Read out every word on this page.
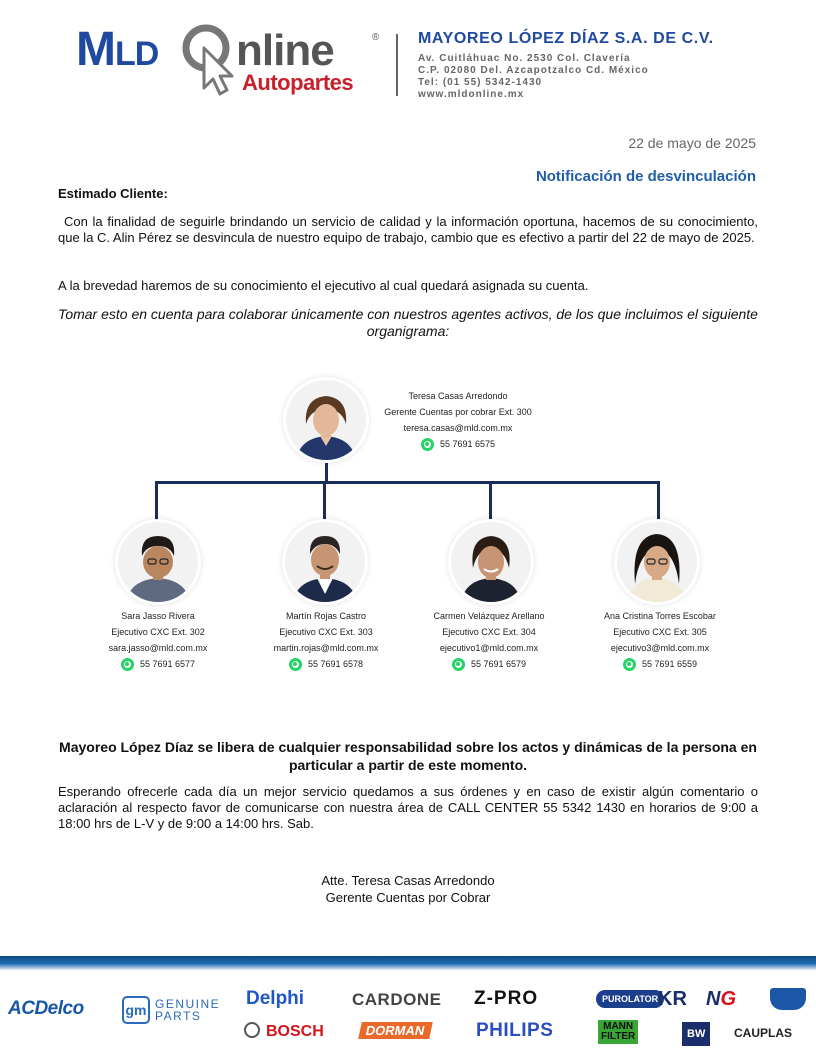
MLD nline	®
Autopartes
MAYOREO LÓPEZ DÍAZ S.A. DE C.V.
Av. Cuitláhuac No. 2530 Col. Clavería
C.P. 02080 Del. Azcapotzalco Cd. México
Tel: (01 55) 5342-1430
www.mldonline.mx
22 de mayo de 2025
Notificación de desvinculación
Estimado Cliente:
Con la finalidad de seguirle brindando un servicio de calidad y la información oportuna, hacemos de su conocimiento, que la C. Alin Pérez se desvincula de nuestro equipo de trabajo, cambio que es efectivo a partir del 22 de mayo de 2025.
A la brevedad haremos de su conocimiento el ejecutivo al cual quedará asignada su cuenta.
Tomar esto en cuenta para colaborar únicamente con nuestros agentes activos, de los que incluimos el siguiente organigrama:
Teresa Casas Arredondo
Gerente Cuentas por cobrar Ext. 300
teresa.casas@mld.com.mx
55 7691 6575
Sara Jasso Rivera
Ejecutivo CXC Ext. 302
sara.jasso@mld.com.mx
55 7691 6577
Martín Rojas Castro
Ejecutivo CXC Ext. 303
martin.rojas@mld.com.mx
55 7691 6578
Carmen Velázquez Arellano
Ejecutivo CXC Ext. 304
ejecutivo1@mld.com.mx
55 7691 6579
Ana Cristina Torres Escobar
Ejecutivo CXC Ext. 305
ejecutivo3@mld.com.mx
55 7691 6559
Mayoreo López Díaz se libera de cualquier responsabilidad sobre los actos y dinámicas de la persona en particular a partir de este momento.
Esperando ofrecerle cada día un mejor servicio quedamos a sus órdenes y en caso de existir algún comentario o aclaración al respecto favor de comunicarse con nuestra área de CALL CENTER 55 5342 1430 en horarios de 9:00 a 18:00 hrs de L-V y de 9:00 a 14:00 hrs. Sab.
Atte. Teresa Casas Arredondo
Gerente Cuentas por Cobrar
ACDelco	gm GENUINE
PARTS
Delphi
BOSCH
CARDONE
DORMAN
Z-PRO
PHILIPS
PUROLATOR
MANN
FILTER
KR NG
BW	CAUPLAS
